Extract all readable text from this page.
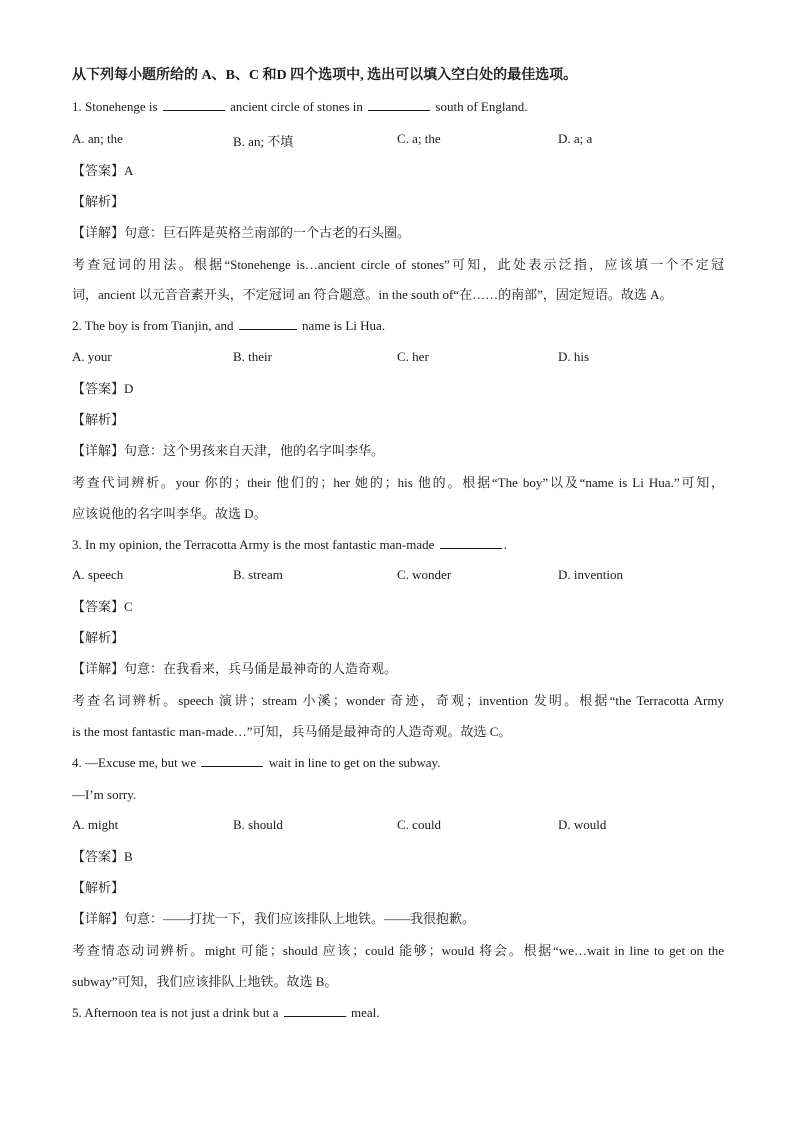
从下列每小题所给的 A、B、C 和D 四个选项中, 选出可以填入空白处的最佳选项。
1. Stonehenge is	ancient circle of stones in	south of England.
A. an; the	B. an; 不填	C. a; the	D. a; a
【答案】A
【解析】
【详解】句意：巨石阵是英格兰南部的一个古老的石头圈。
考查冠词的用法。根据“Stonehenge is…ancient circle of stones”可知，此处表示泛指，应该填一个不定冠
词，ancient 以元音音素开头，不定冠词 an 符合题意。in the south of“在……的南部”，固定短语。故选 A。
2. The boy is from Tianjin, and	name is Li Hua.
A. your	B. their	C. her	D. his
【答案】D
【解析】
【详解】句意：这个男孩来自天津，他的名字叫李华。
考查代词辨析。your 你的；their 他们的；her 她的；his 他的。根据“The boy”以及“name is Li Hua.”可知，
应该说他的名字叫李华。故选 D。
3. In my opinion, the Terracotta Army is the most fantastic man-made	.
A. speech	B. stream	C. wonder	D. invention
【答案】C
【解析】
【详解】句意：在我看来，兵马俑是最神奇的人造奇观。
考查名词辨析。speech 演讲；stream 小溪；wonder 奇迹，奇观；invention 发明。根据“the Terracotta Army
is the most fantastic man-made…”可知，兵马俑是最神奇的人造奇观。故选 C。
4. —Excuse me, but we	wait in line to get on the subway.
—I’m sorry.
A. might	B. should	C. could	D. would
【答案】B
【解析】
【详解】句意：——打扰一下，我们应该排队上地铁。——我很抱歉。
考查情态动词辨析。might 可能；should 应该；could 能够；would 将会。根据“we…wait in line to get on the
subway”可知，我们应该排队上地铁。故选 B。
5. Afternoon tea is not just a drink but a	meal.
